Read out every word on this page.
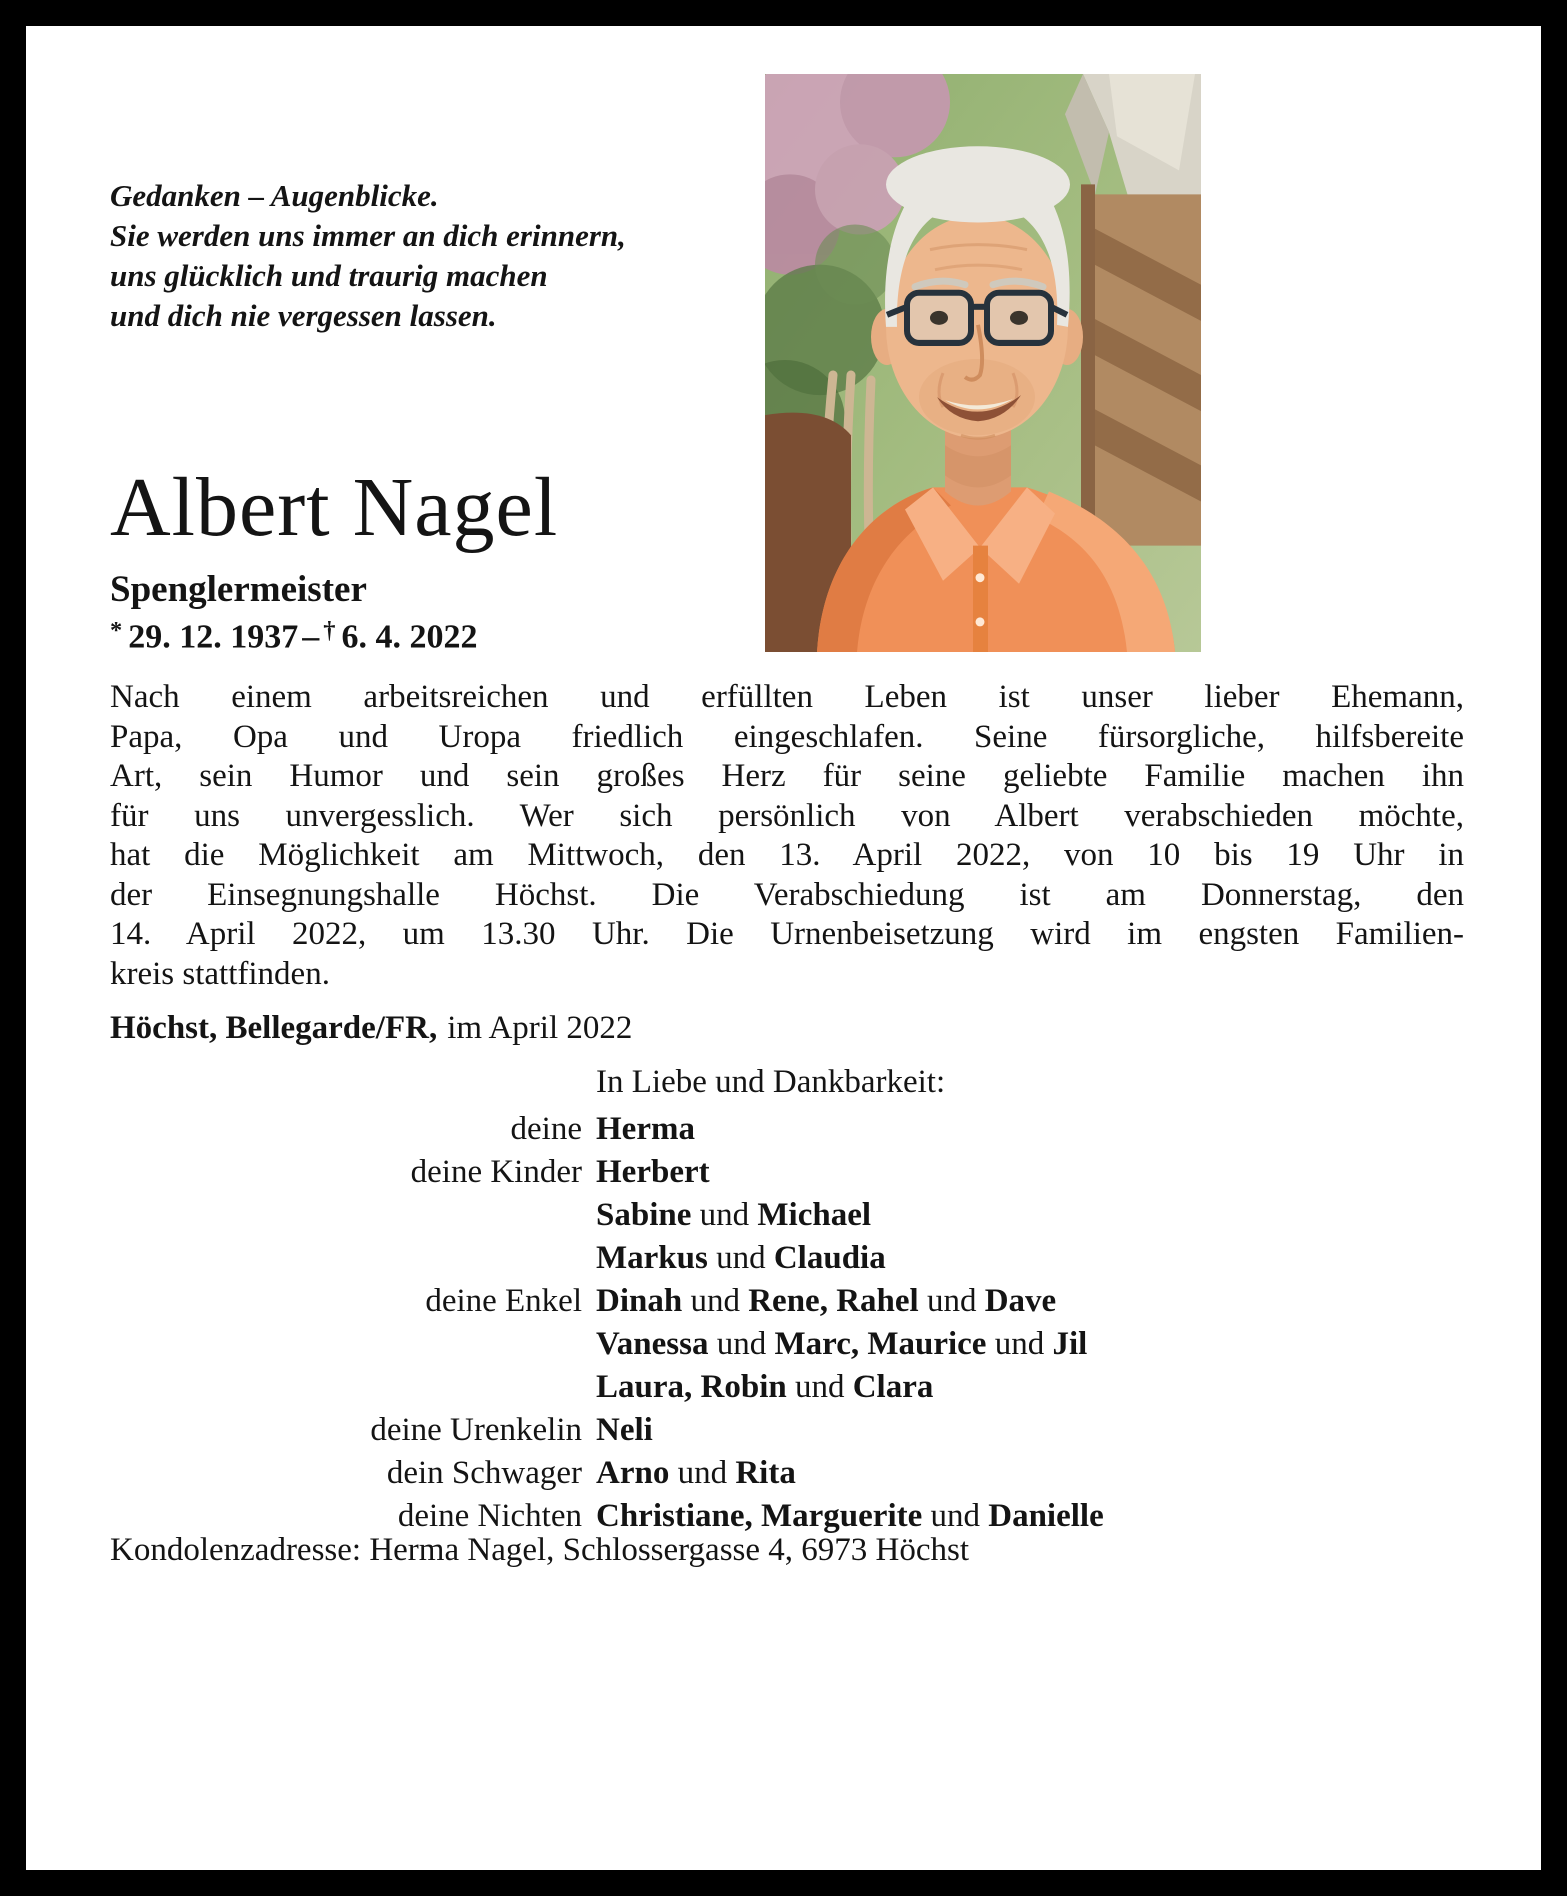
Gedanken – Augenblicke.
Sie werden uns immer an dich erinnern,
uns glücklich und traurig machen
und dich nie vergessen lassen.
Albert Nagel
Spenglermeister
* 29. 12. 1937 – † 6. 4. 2022
Nach einem arbeitsreichen und erfüllten Leben ist unser lieber Ehemann,
Papa, Opa und Uropa friedlich eingeschlafen. Seine fürsorgliche, hilfsbereite
Art, sein Humor und sein großes Herz für seine geliebte Familie machen ihn
für uns unvergesslich. Wer sich persönlich von Albert verabschieden möchte,
hat die Möglichkeit am Mittwoch, den 13. April 2022, von 10 bis 19 Uhr in
der Einsegnungshalle Höchst. Die Verabschiedung ist am Donnerstag, den
14. April 2022, um 13.30 Uhr. Die Urnenbeisetzung wird im engsten Familien-
kreis stattfinden.
Höchst, Bellegarde/FR, im April 2022
In Liebe und Dankbarkeit:
deine Herma
deine Kinder Herbert
Sabine und Michael
Markus und Claudia
deine Enkel Dinah und Rene, Rahel und Dave
Vanessa und Marc, Maurice und Jil
Laura, Robin und Clara
deine Urenkelin Neli
dein Schwager Arno und Rita
deine Nichten Christiane, Marguerite und Danielle
Kondolenzadresse: Herma Nagel, Schlossergasse 4, 6973 Höchst
